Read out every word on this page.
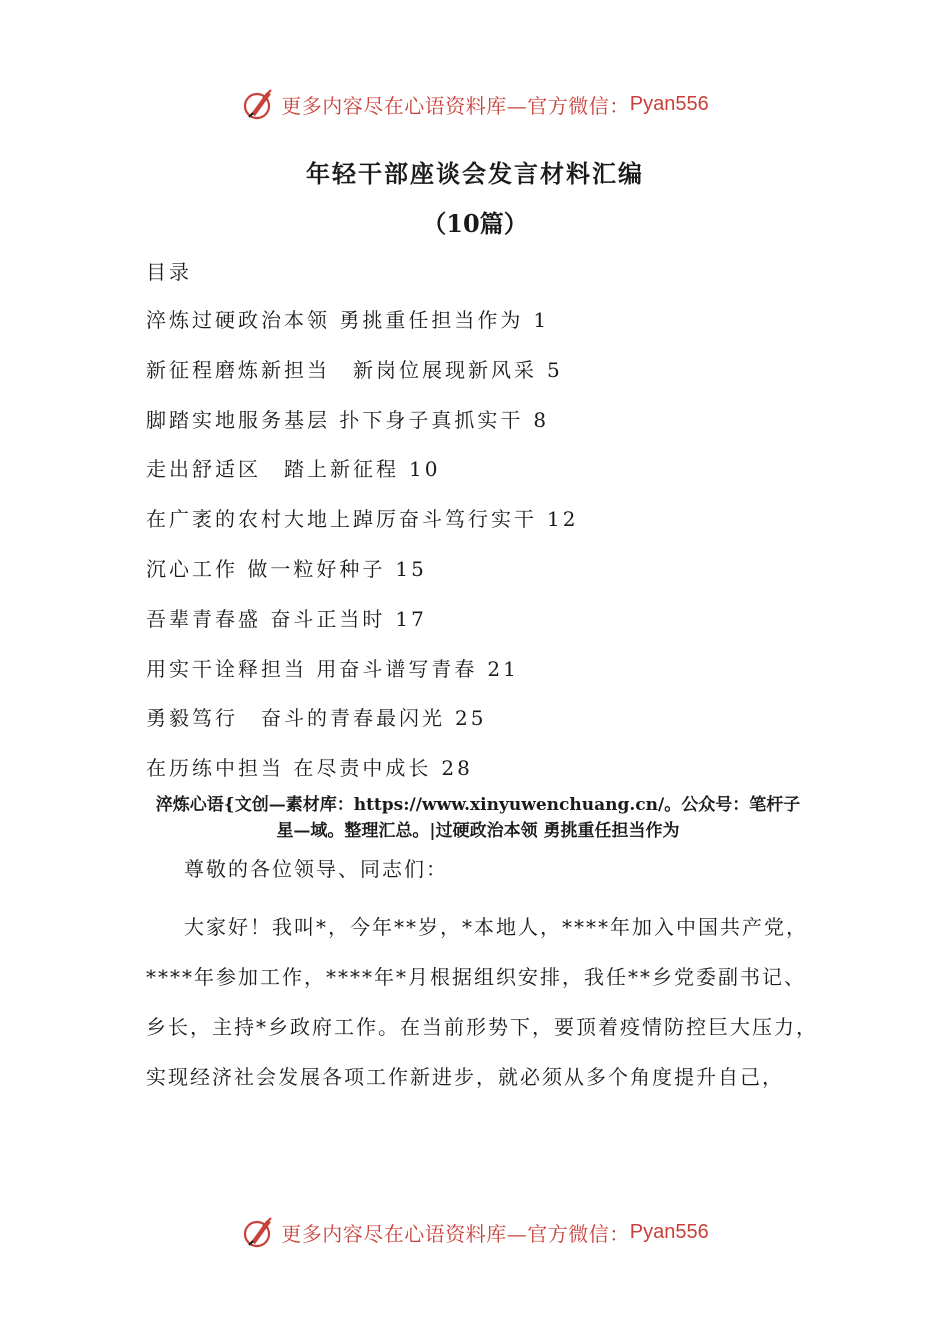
更多内容尽在心语资料库—官方微信： Pyan556
年轻干部座谈会发言材料汇编
（10篇）
目录
淬炼过硬政治本领 勇挑重任担当作为 1
新征程磨炼新担当　新岗位展现新风采 5
脚踏实地服务基层 扑下身子真抓实干 8
走出舒适区　踏上新征程 10
在广袤的农村大地上踔厉奋斗笃行实干 12
沉心工作 做一粒好种子 15
吾辈青春盛 奋斗正当时 17
用实干诠释担当 用奋斗谱写青春 21
勇毅笃行　奋斗的青春最闪光 25
在历练中担当 在尽责中成长 28
淬炼心语{文创—素材库：https://www.xinyuwenchuang.cn/。公众号：笔杆子
星—域。整理汇总。|过硬政治本领 勇挑重任担当作为

尊敬的各位领导、同志们：

大家好！我叫*，今年**岁，*本地人，****年加入中国共产党，****年参加工作，****年*月根据组织安排，我任**乡党委副书记、乡长，主持*乡政府工作。在当前形势下，要顶着疫情防控巨大压力，实现经济社会发展各项工作新进步，就必须从多个角度提升自己，

更多内容尽在心语资料库—官方微信： Pyan556
